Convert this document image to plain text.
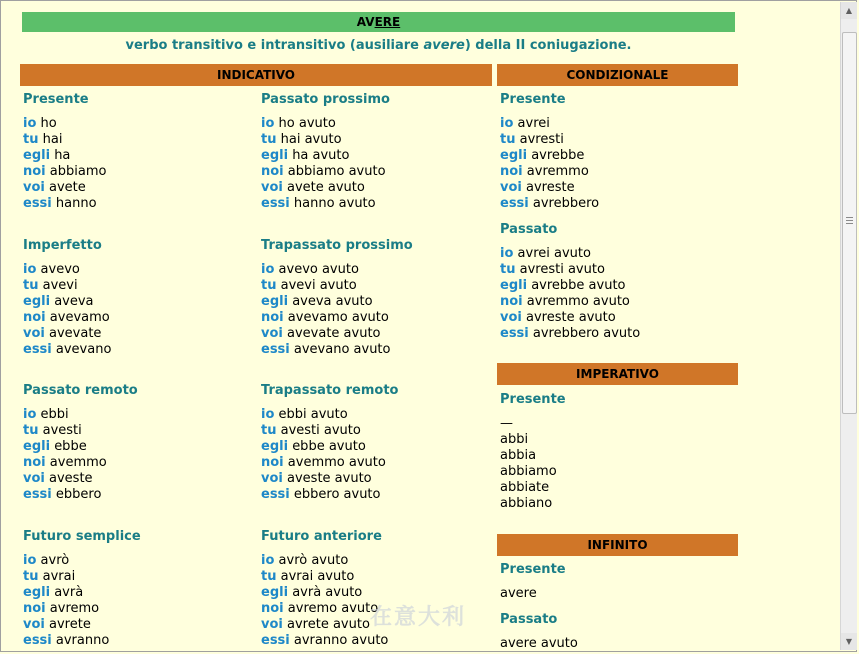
AVERE
verbo transitivo e intransitivo (ausiliare avere) della II coniugazione.
INDICATIVO	CONDIZIONALE
IMPERATIVO
INFINITO
Presente
io ho
tu hai
egli ha
noi abbiamo
voi avete
essi hanno
Passato prossimo
io ho avuto
tu hai avuto
egli ha avuto
noi abbiamo avuto
voi avete avuto
essi hanno avuto
Imperfetto
io avevo
tu avevi
egli aveva
noi avevamo
voi avevate
essi avevano
Trapassato prossimo
io avevo avuto
tu avevi avuto
egli aveva avuto
noi avevamo avuto
voi avevate avuto
essi avevano avuto
Passato remoto
io ebbi
tu avesti
egli ebbe
noi avemmo
voi aveste
essi ebbero
Trapassato remoto
io ebbi avuto
tu avesti avuto
egli ebbe avuto
noi avemmo avuto
voi aveste avuto
essi ebbero avuto
Futuro semplice
io avrò
tu avrai
egli avrà
noi avremo
voi avrete
essi avranno
Futuro anteriore
io avrò avuto
tu avrai avuto
egli avrà avuto
noi avremo avuto
voi avrete avuto
essi avranno avuto
Presente
io avrei
tu avresti
egli avrebbe
noi avremmo
voi avreste
essi avrebbero
Passato
io avrei avuto
tu avresti avuto
egli avrebbe avuto
noi avremmo avuto
voi avreste avuto
essi avrebbero avuto
Presente
—
abbi
abbia
abbiamo
abbiate
abbiano
Presente
avere
Passato
avere avuto
在意大利
▲
▼
